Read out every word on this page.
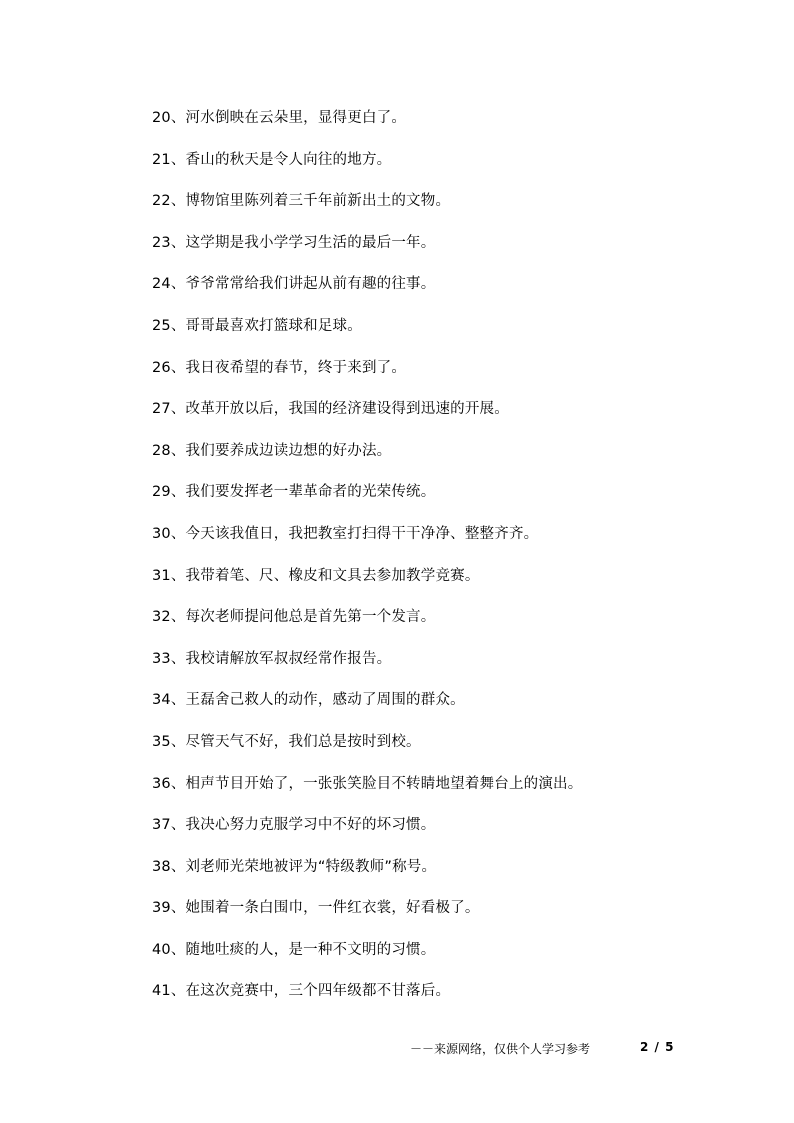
20、河水倒映在云朵里，显得更白了。
21、香山的秋天是令人向往的地方。
22、博物馆里陈列着三千年前新出土的文物。
23、这学期是我小学学习生活的最后一年。
24、爷爷常常给我们讲起从前有趣的往事。
25、哥哥最喜欢打篮球和足球。
26、我日夜希望的春节，终于来到了。
27、改革开放以后，我国的经济建设得到迅速的开展。
28、我们要养成边读边想的好办法。
29、我们要发挥老一辈革命者的光荣传统。
30、今天该我值日，我把教室打扫得干干净净、整整齐齐。
31、我带着笔、尺、橡皮和文具去参加教学竞赛。
32、每次老师提问他总是首先第一个发言。
33、我校请解放军叔叔经常作报告。
34、王磊舍己救人的动作，感动了周围的群众。
35、尽管天气不好，我们总是按时到校。
36、相声节目开始了，一张张笑脸目不转睛地望着舞台上的演出。
37、我决心努力克服学习中不好的坏习惯。
38、刘老师光荣地被评为“特级教师”称号。
39、她围着一条白围巾，一件红衣裳，好看极了。
40、随地吐痰的人，是一种不文明的习惯。
41、在这次竞赛中，三个四年级都不甘落后。
－－来源网络，仅供个人学习参考	2 / 5
